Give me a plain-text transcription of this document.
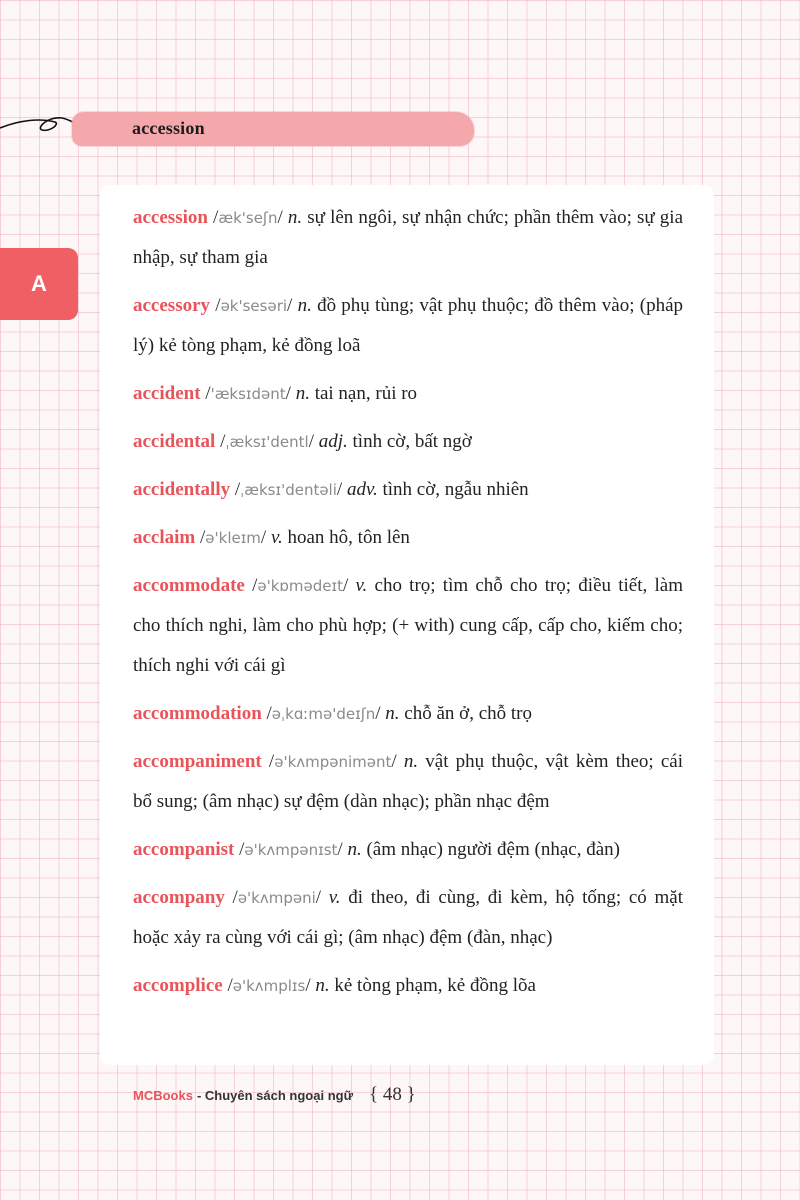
accession
A
accession /æk'seʃn/ n. sự lên ngôi, sự nhận chức; phần thêm vào; sự gia nhập, sự tham gia
accessory /ək'sesəri/ n. đồ phụ tùng; vật phụ thuộc; đồ thêm vào; (pháp lý) kẻ tòng phạm, kẻ đồng loã
accident /'æksɪdənt/ n. tai nạn, rủi ro
accidental /ˌæksɪ'dentl/ adj. tình cờ, bất ngờ
accidentally /ˌæksɪ'dentəli/ adv. tình cờ, ngẫu nhiên
acclaim /ə'kleɪm/ v. hoan hô, tôn lên
accommodate /ə'kɒmədeɪt/ v. cho trọ; tìm chỗ cho trọ; điều tiết, làm cho thích nghi, làm cho phù hợp; (+ with) cung cấp, cấp cho, kiếm cho; thích nghi với cái gì
accommodation /əˌkɑːmə'deɪʃn/ n. chỗ ăn ở, chỗ trọ
accompaniment /ə'kʌmpənimənt/ n. vật phụ thuộc, vật kèm theo; cái bổ sung; (âm nhạc) sự đệm (dàn nhạc); phần nhạc đệm
accompanist /ə'kʌmpənɪst/ n. (âm nhạc) người đệm (nhạc, đàn)
accompany /ə'kʌmpəni/ v. đi theo, đi cùng, đi kèm, hộ tống; có mặt hoặc xảy ra cùng với cái gì; (âm nhạc) đệm (đàn, nhạc)
accomplice /ə'kʌmplɪs/ n. kẻ tòng phạm, kẻ đồng lõa
MCBooks - Chuyên sách ngoại ngữ { 48 }
